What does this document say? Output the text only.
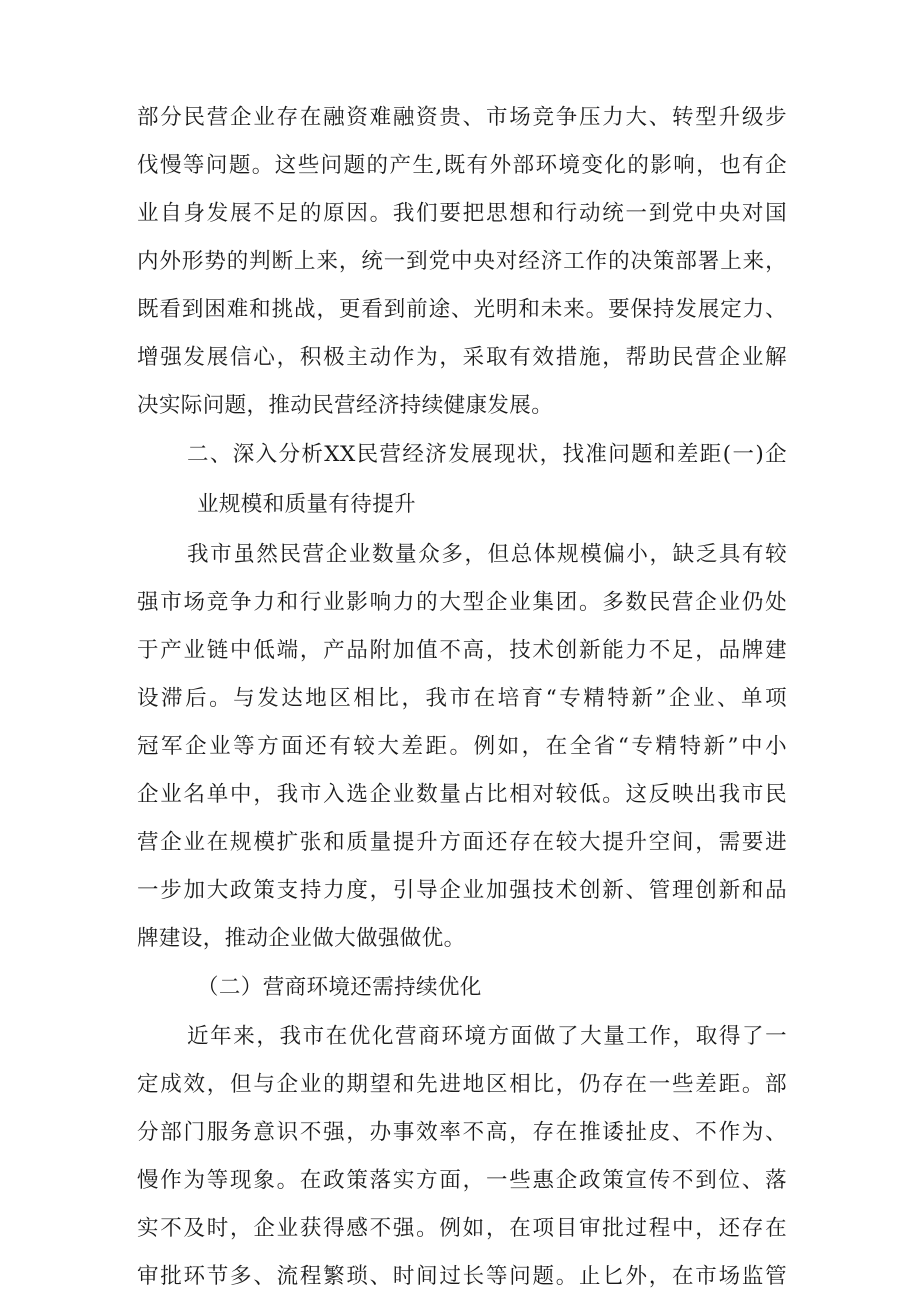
部分民营企业存在融资难融资贵、市场竞争压力大、转型升级步

伐慢等问题。这些问题的产生,既有外部环境变化的影响，也有企

业自身发展不足的原因。我们要把思想和行动统一到党中央对国

内外形势的判断上来，统一到党中央对经济工作的决策部署上来，

既看到困难和挑战，更看到前途、光明和未来。要保持发展定力、

增强发展信心，积极主动作为，采取有效措施，帮助民营企业解

决实际问题，推动民营经济持续健康发展。

二、深入分析XX民营经济发展现状，找准问题和差距(一)企

业规模和质量有待提升

我市虽然民营企业数量众多，但总体规模偏小，缺乏具有较

强市场竞争力和行业影响力的大型企业集团。多数民营企业仍处

于产业链中低端，产品附加值不高，技术创新能力不足，品牌建

设滞后。与发达地区相比，我市在培育“专精特新”企业、单项

冠军企业等方面还有较大差距。例如，在全省“专精特新”中小

企业名单中，我市入选企业数量占比相对较低。这反映出我市民

营企业在规模扩张和质量提升方面还存在较大提升空间，需要进

一步加大政策支持力度，引导企业加强技术创新、管理创新和品

牌建设，推动企业做大做强做优。

（二）营商环境还需持续优化

近年来，我市在优化营商环境方面做了大量工作，取得了一

定成效，但与企业的期望和先进地区相比，仍存在一些差距。部

分部门服务意识不强，办事效率不高，存在推诿扯皮、不作为、

慢作为等现象。在政策落实方面，一些惠企政策宣传不到位、落

实不及时，企业获得感不强。例如，在项目审批过程中，还存在

审批环节多、流程繁琐、时间过长等问题。止匕外，在市场监管
